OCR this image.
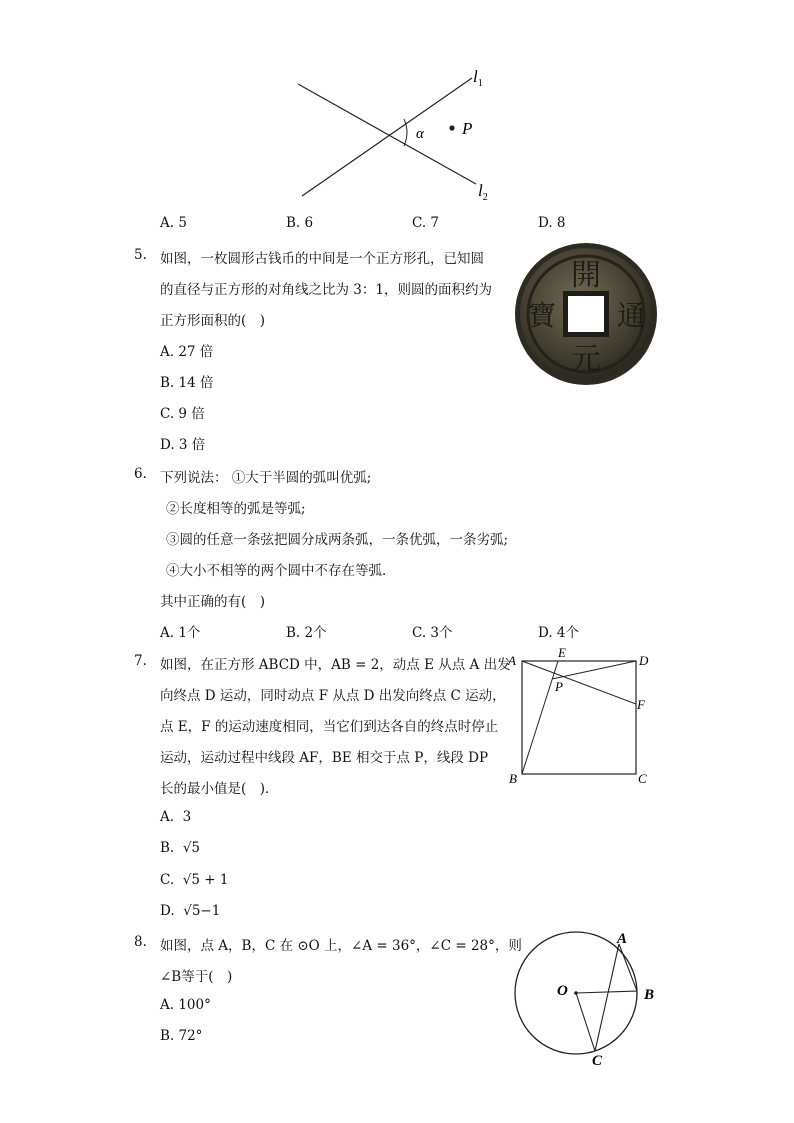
α P
$l_1$
$l_2$
A. 5	B. 6	C. 7	D. 8
5. 如图，一枚圆形古钱币的中间是一个正方形孔，已知圆
的直径与正方形的对角线之比为 3：1，则圆的面积约为
正方形面积的(　)
A. 27 倍
B. 14 倍
C. 9 倍
D. 3 倍
開
元
通
寶
6. 下列说法： ①大于半圆的弧叫优弧;
②长度相等的弧是等弧;
③圆的任意一条弦把圆分成两条弧，一条优弧，一条劣弧;
④大小不相等的两个圆中不存在等弧．
其中正确的有(　)
A. 1个	B. 2个	C. 3个	D. 4个
7. 如图，在正方形 ABCD 中，AB = 2，动点 E 从点 A 出发
向终点 D 运动，同时动点 F 从点 D 出发向终点 C 运动，
点 E，F 的运动速度相同，当它们到达各自的终点时停止
运动，运动过程中线段 AF，BE 相交于点 P，线段 DP
长的最小值是(　)．
A. 3
B. √5
C. √5 + 1
D. √5−1
A
E
D
P
F
B	C
8. 如图，点 A，B，C 在 ⊙O 上，∠A = 36°，∠C = 28°，则
∠B等于(　)
A. 100°
B. 72°
O
A
B
C
